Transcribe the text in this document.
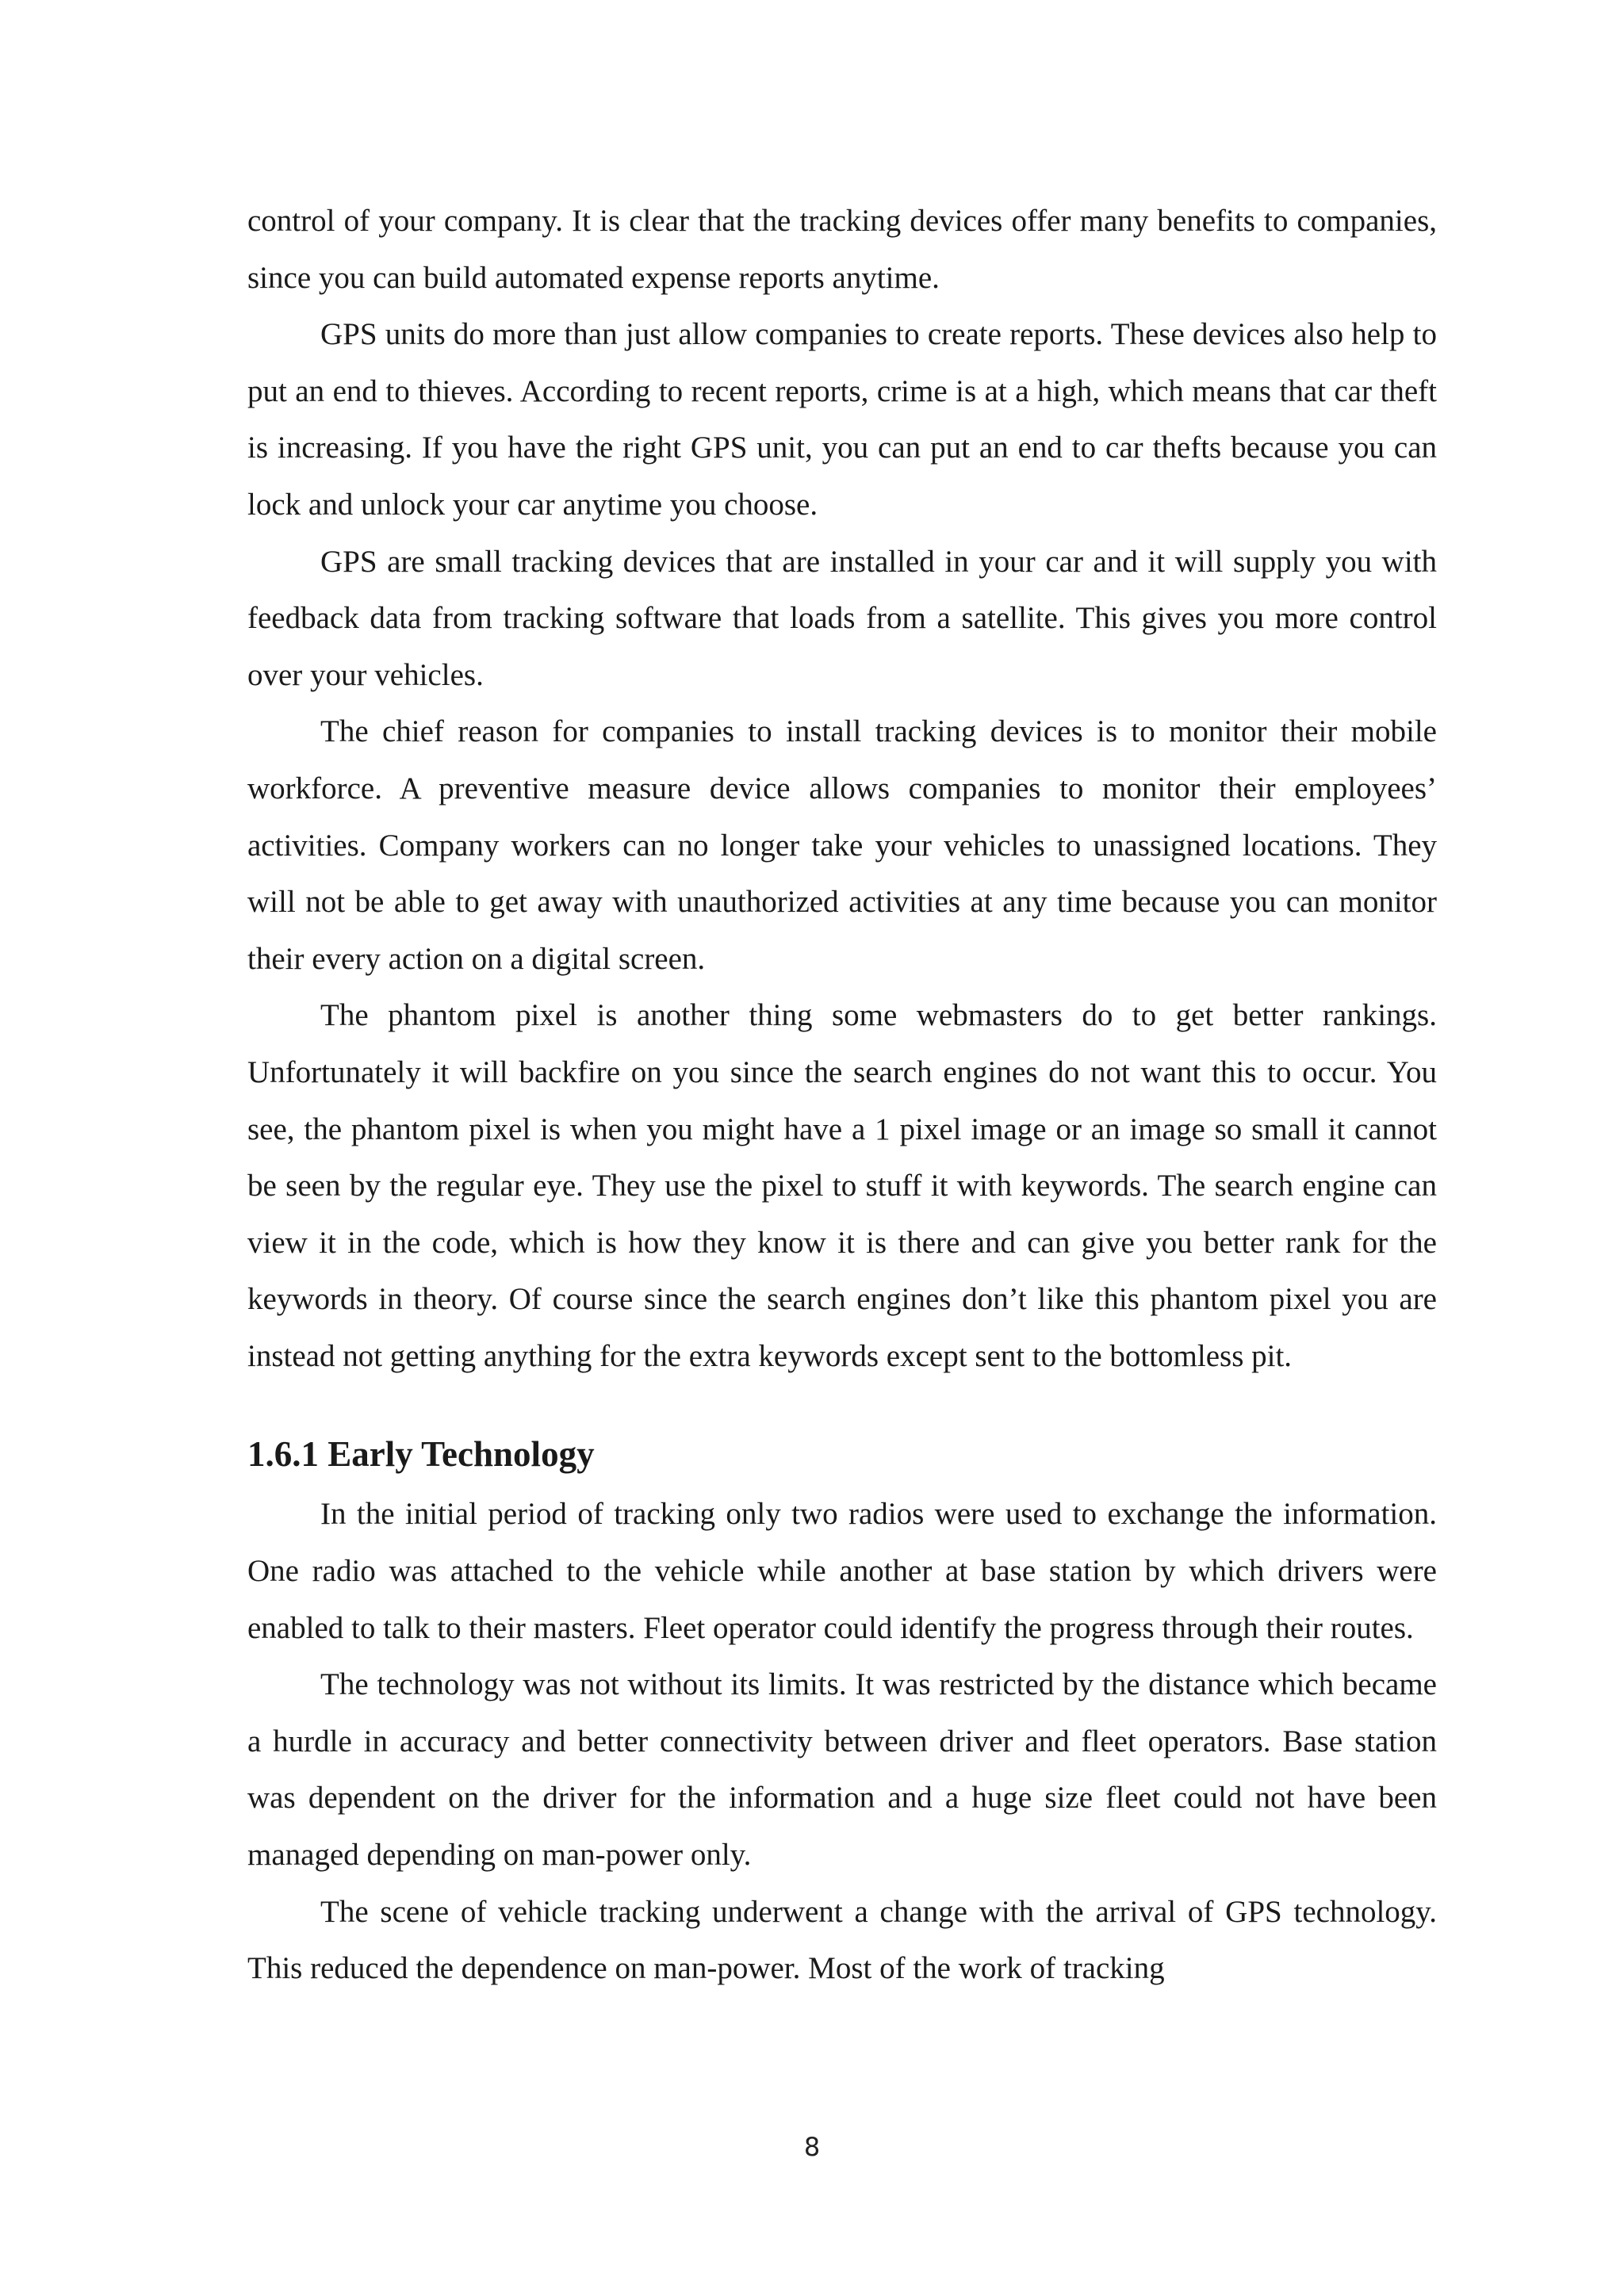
control of your company. It is clear that the tracking devices offer many benefits to companies, since you can build automated expense reports anytime.

GPS units do more than just allow companies to create reports. These devices also help to put an end to thieves. According to recent reports, crime is at a high, which means that car theft is increasing. If you have the right GPS unit, you can put an end to car thefts because you can lock and unlock your car anytime you choose.

GPS are small tracking devices that are installed in your car and it will supply you with feedback data from tracking software that loads from a satellite. This gives you more control over your vehicles.

The chief reason for companies to install tracking devices is to monitor their mobile workforce. A preventive measure device allows companies to monitor their employees’ activities. Company workers can no longer take your vehicles to unassigned locations. They will not be able to get away with unauthorized activities at any time because you can monitor their every action on a digital screen.

The phantom pixel is another thing some webmasters do to get better rankings. Unfortunately it will backfire on you since the search engines do not want this to occur. You see, the phantom pixel is when you might have a 1 pixel image or an image so small it cannot be seen by the regular eye. They use the pixel to stuff it with keywords. The search engine can view it in the code, which is how they know it is there and can give you better rank for the keywords in theory. Of course since the search engines don’t like this phantom pixel you are instead not getting anything for the extra keywords except sent to the bottomless pit.

1.6.1 Early Technology

In the initial period of tracking only two radios were used to exchange the information. One radio was attached to the vehicle while another at base station by which drivers were enabled to talk to their masters. Fleet operator could identify the progress through their routes.

The technology was not without its limits. It was restricted by the distance which became a hurdle in accuracy and better connectivity between driver and fleet operators. Base station was dependent on the driver for the information and a huge size fleet could not have been managed depending on man-power only.

The scene of vehicle tracking underwent a change with the arrival of GPS technology. This reduced the dependence on man-power. Most of the work of tracking

8
